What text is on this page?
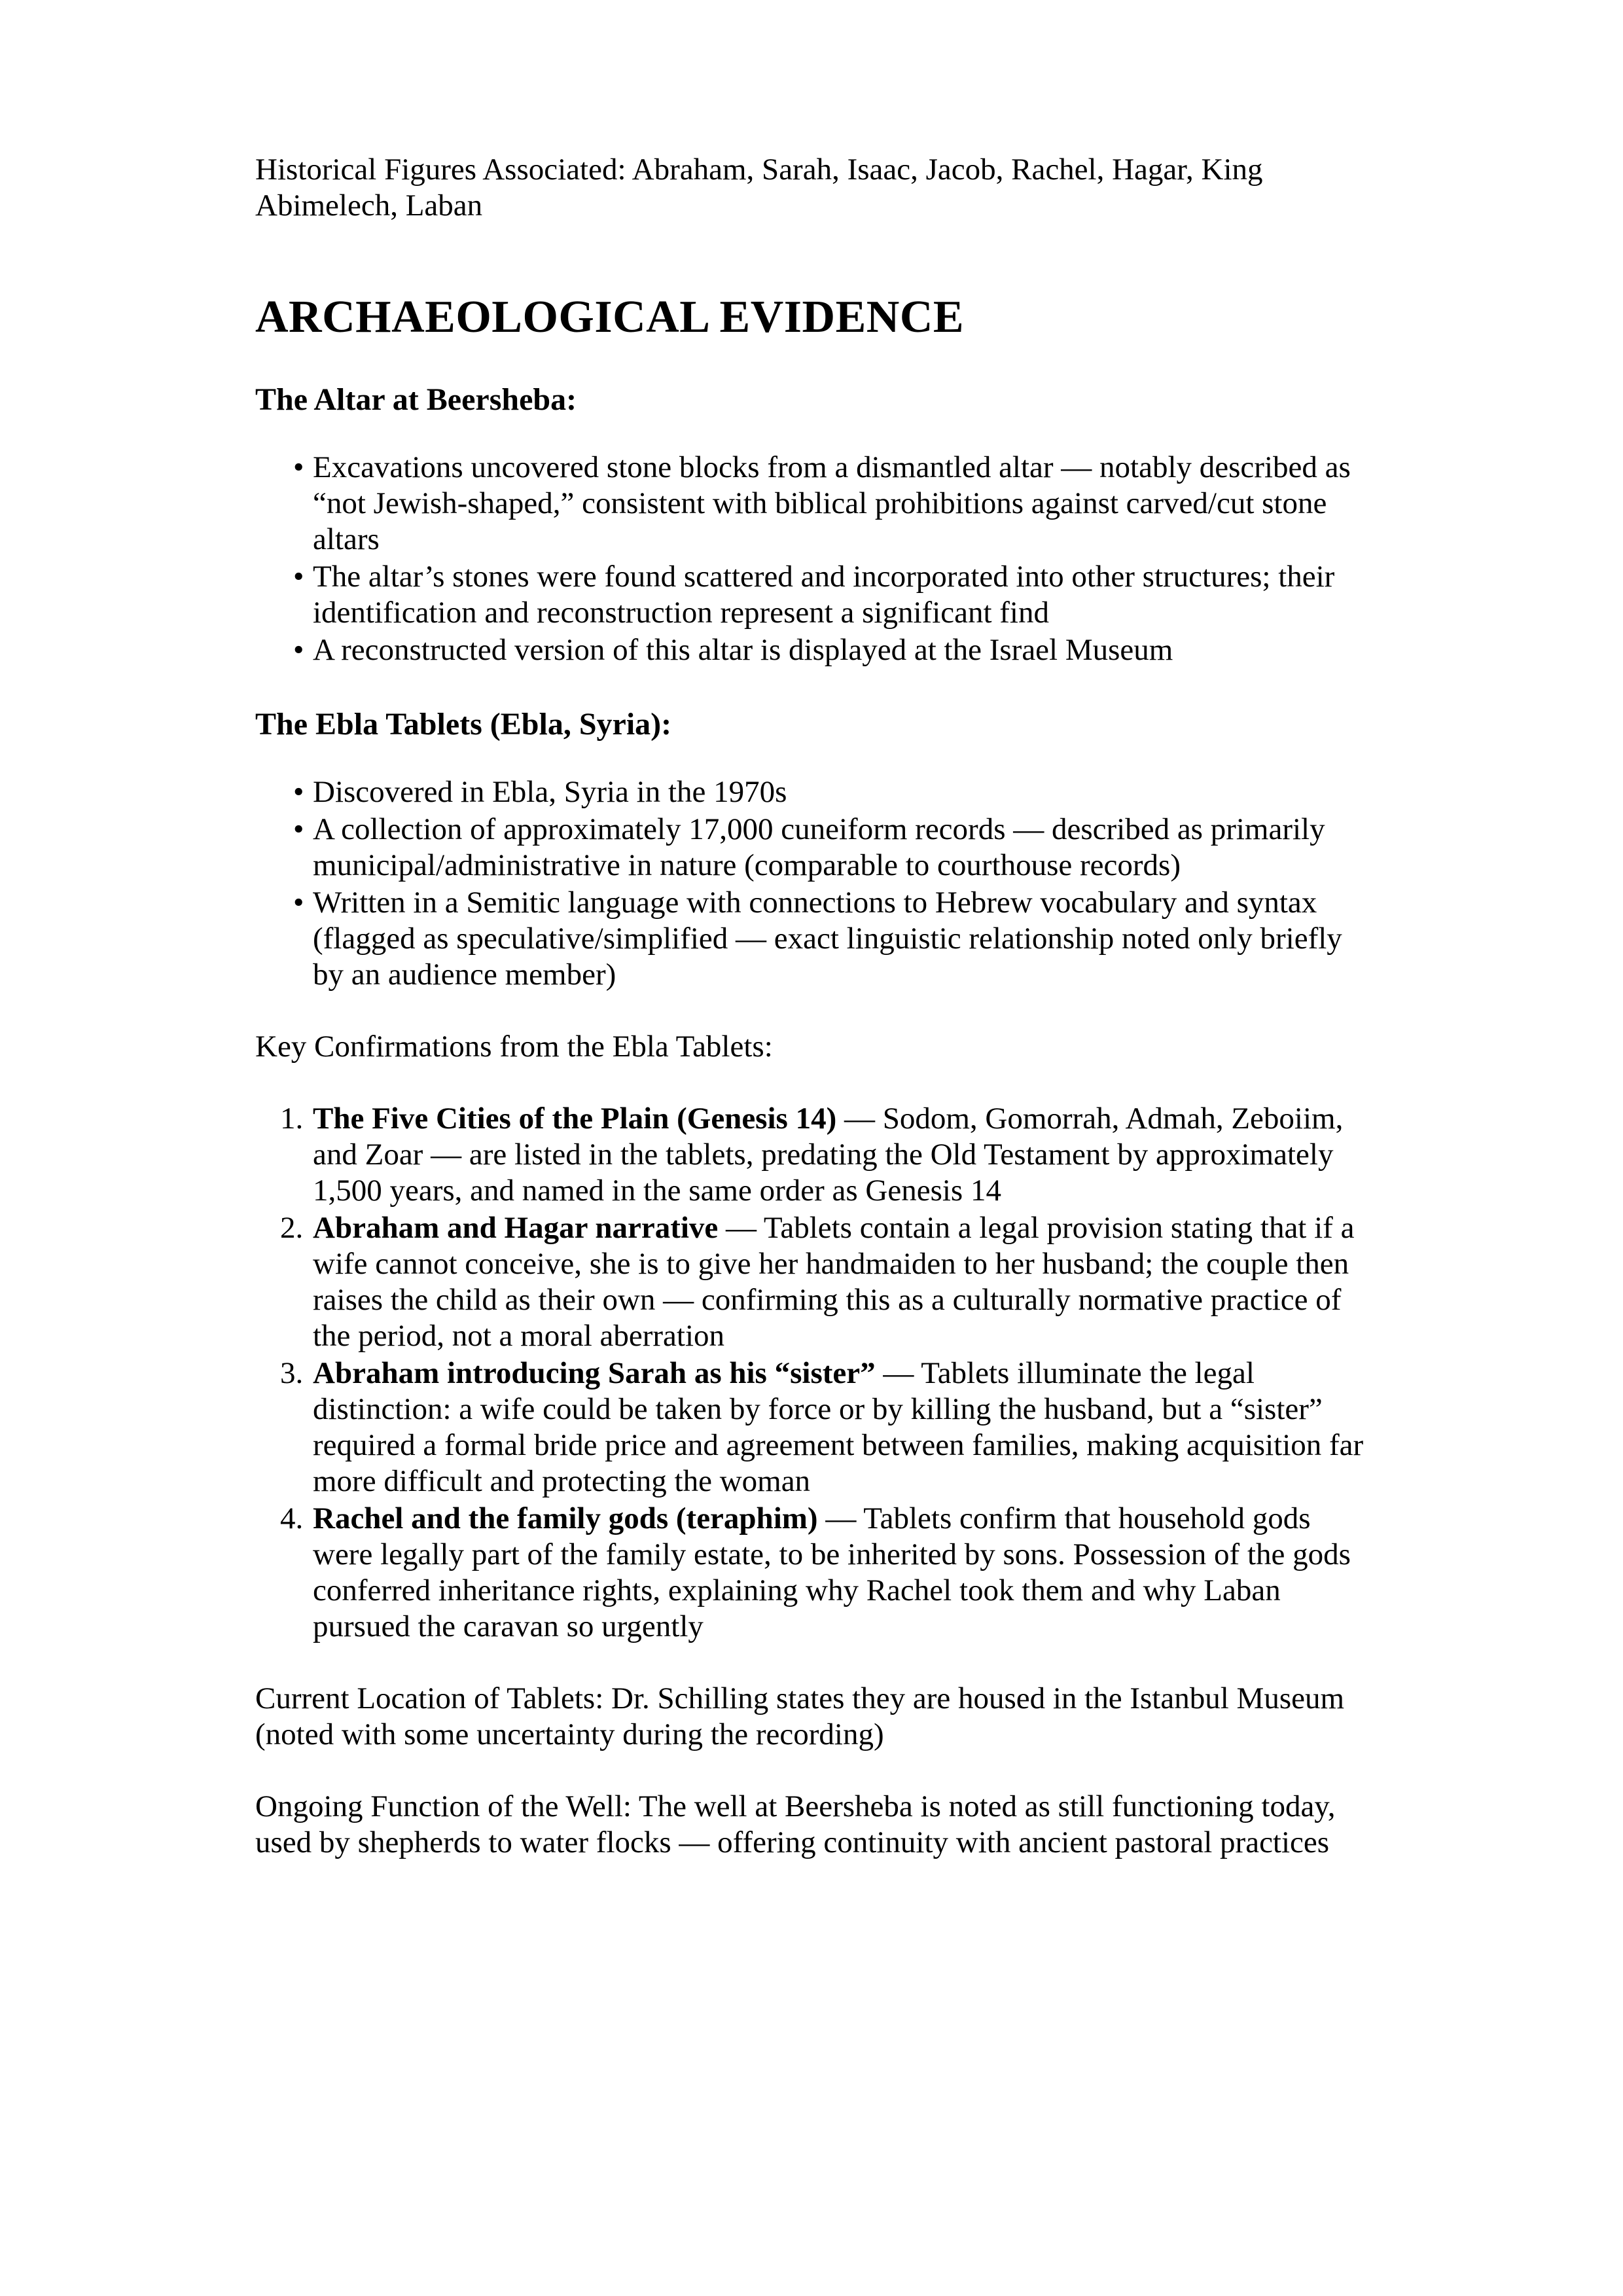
Historical Figures Associated: Abraham, Sarah, Isaac, Jacob, Rachel, Hagar, King Abimelech, Laban

ARCHAEOLOGICAL EVIDENCE
The Altar at Beersheba:
• Excavations uncovered stone blocks from a dismantled altar — notably described as “not Jewish-shaped,” consistent with biblical prohibitions against carved/cut stone altars
• The altar’s stones were found scattered and incorporated into other structures; their identification and reconstruction represent a significant find
• A reconstructed version of this altar is displayed at the Israel Museum
The Ebla Tablets (Ebla, Syria):
• Discovered in Ebla, Syria in the 1970s
• A collection of approximately 17,000 cuneiform records — described as primarily municipal/administrative in nature (comparable to courthouse records)
• Written in a Semitic language with connections to Hebrew vocabulary and syntax (flagged as speculative/simplified — exact linguistic relationship noted only briefly by an audience member)

Key Confirmations from the Ebla Tablets:

1. The Five Cities of the Plain (Genesis 14) — Sodom, Gomorrah, Admah, Zeboiim, and Zoar — are listed in the tablets, predating the Old Testament by approximately 1,500 years, and named in the same order as Genesis 14
2. Abraham and Hagar narrative — Tablets contain a legal provision stating that if a wife cannot conceive, she is to give her handmaiden to her husband; the couple then raises the child as their own — confirming this as a culturally normative practice of the period, not a moral aberration
3. Abraham introducing Sarah as his “sister” — Tablets illuminate the legal distinction: a wife could be taken by force or by killing the husband, but a “sister” required a formal bride price and agreement between families, making acquisition far more difficult and protecting the woman
4. Rachel and the family gods (teraphim) — Tablets confirm that household gods were legally part of the family estate, to be inherited by sons. Possession of the gods conferred inheritance rights, explaining why Rachel took them and why Laban pursued the caravan so urgently

Current Location of Tablets: Dr. Schilling states they are housed in the Istanbul Museum (noted with some uncertainty during the recording)

Ongoing Function of the Well: The well at Beersheba is noted as still functioning today, used by shepherds to water flocks — offering continuity with ancient pastoral practices
